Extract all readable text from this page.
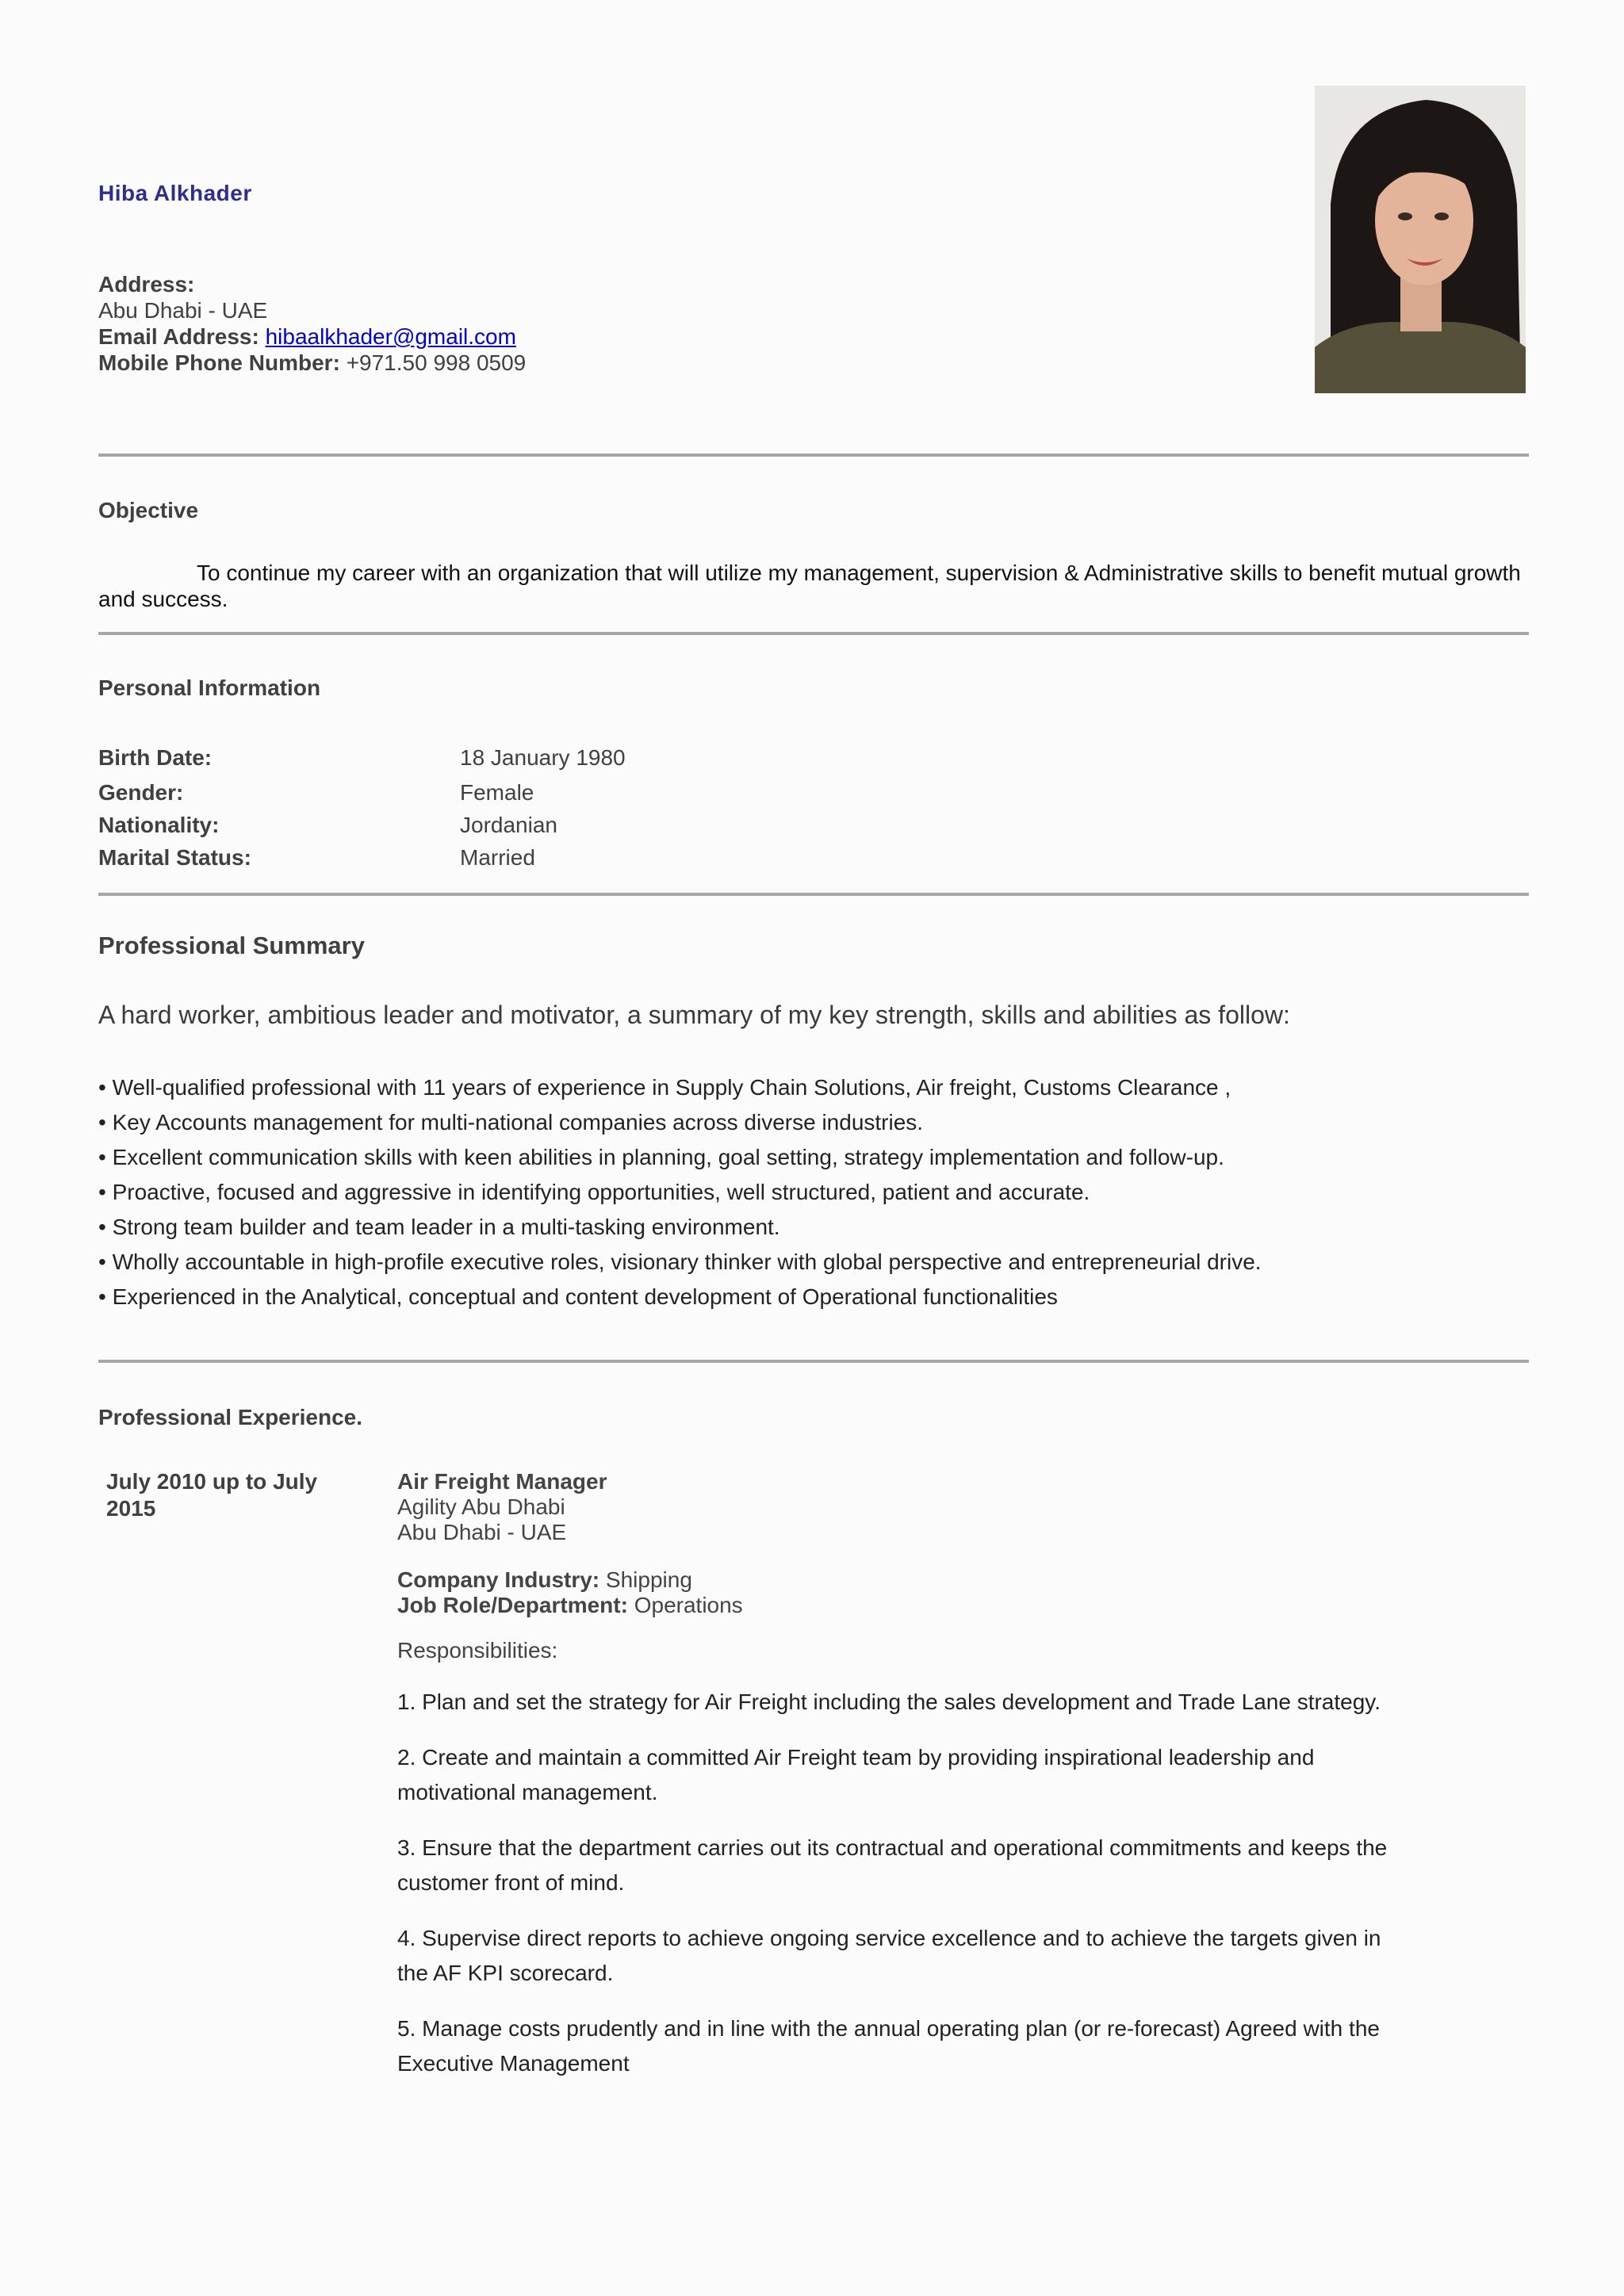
Hiba Alkhader
Address:
Abu Dhabi - UAE
Email Address: hibaalkhader@gmail.com
Mobile Phone Number: +971.50 998 0509
Objective
To continue my career with an organization that will utilize my management, supervision & Administrative skills to benefit mutual growth and success.
Personal Information
Birth Date:	18 January 1980
Gender:	Female
Nationality:	Jordanian
Marital Status:	Married
Professional Summary
A hard worker, ambitious leader and motivator, a summary of my key strength, skills and abilities as follow:
• Well-qualified professional with 11 years of experience in Supply Chain Solutions, Air freight, Customs Clearance ,
• Key Accounts management for multi-national companies across diverse industries.
• Excellent communication skills with keen abilities in planning, goal setting, strategy implementation and follow-up.
• Proactive, focused and aggressive in identifying opportunities, well structured, patient and accurate.
• Strong team builder and team leader in a multi-tasking environment.
• Wholly accountable in high-profile executive roles, visionary thinker with global perspective and entrepreneurial drive.
• Experienced in the Analytical, conceptual and content development of Operational functionalities
Professional Experience.
July 2010 up to July 2015
Air Freight Manager
Agility Abu Dhabi
Abu Dhabi - UAE
Company Industry: Shipping
Job Role/Department: Operations
Responsibilities:
1. Plan and set the strategy for Air Freight including the sales development and Trade Lane strategy.
2. Create and maintain a committed Air Freight team by providing inspirational leadership and motivational management.
3. Ensure that the department carries out its contractual and operational commitments and keeps the customer front of mind.
4. Supervise direct reports to achieve ongoing service excellence and to achieve the targets given in the AF KPI scorecard.
5. Manage costs prudently and in line with the annual operating plan (or re-forecast) Agreed with the Executive Management
